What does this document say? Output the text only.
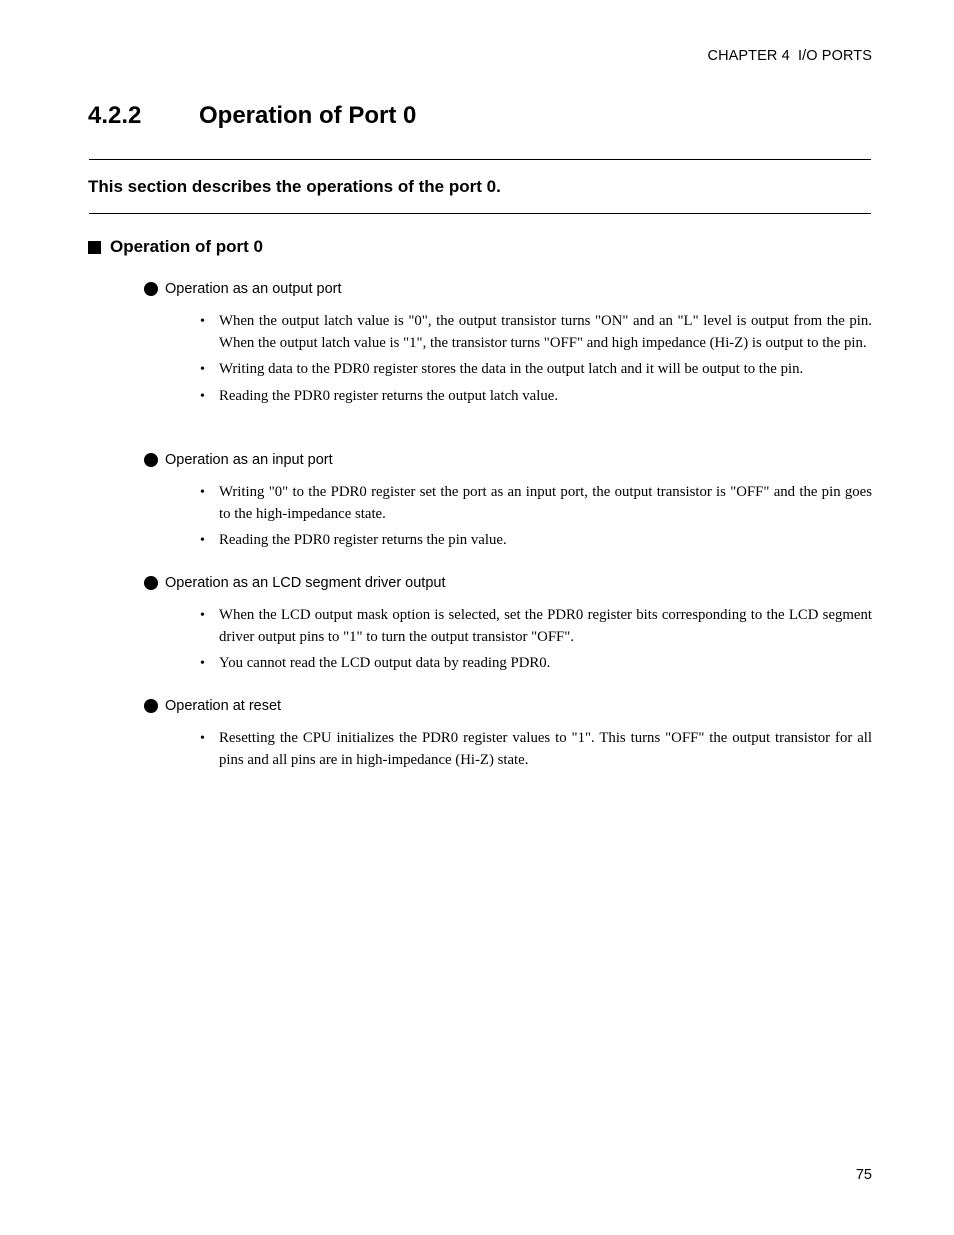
CHAPTER 4  I/O PORTS
4.2.2 Operation of Port 0
This section describes the operations of the port 0.
Operation of port 0
Operation as an output port
• When the output latch value is "0", the output transistor turns "ON" and an "L" level is output from the pin. When the output latch value is "1", the transistor turns "OFF" and high impedance (Hi-Z) is output to the pin.
• Writing data to the PDR0 register stores the data in the output latch and it will be output to the pin.
• Reading the PDR0 register returns the output latch value.
Operation as an input port
• Writing "0" to the PDR0 register set the port as an input port, the output transistor is "OFF" and the pin goes to the high-impedance state.
• Reading the PDR0 register returns the pin value.
Operation as an LCD segment driver output
• When the LCD output mask option is selected, set the PDR0 register bits corresponding to the LCD segment driver output pins to "1" to turn the output transistor "OFF".
• You cannot read the LCD output data by reading PDR0.
Operation at reset
• Resetting the CPU initializes the PDR0 register values to "1". This turns "OFF" the output transistor for all pins and all pins are in high-impedance (Hi-Z) state.
75
